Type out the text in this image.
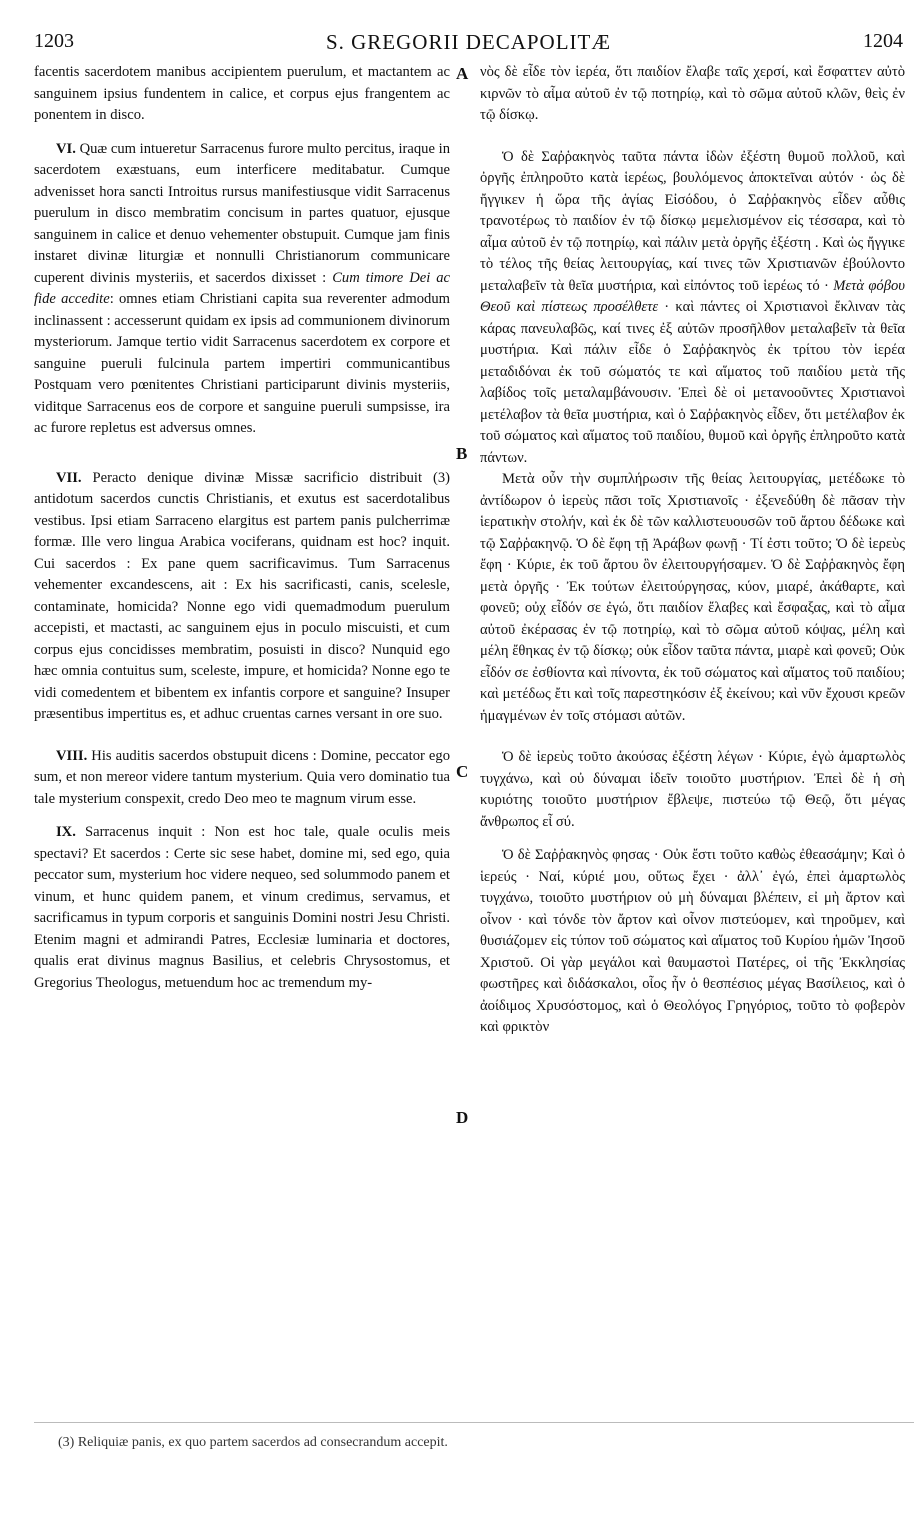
1203	S. GREGORII DECAPOLITÆ	1204

facentis sacerdotem manibus accipientem puerulum, et mactantem ac sanguinem ipsius fundentem in calice, et corpus ejus frangentem ac ponentem in disco.

VI. Quæ cum intueretur Sarracenus furore multo percitus, iraque in sacerdotem exæstuans, eum interficere meditabatur. Cumque advenisset hora sancti Introitus rursus manifestiusque vidit Sarracenus puerulum in disco membratim concisum in partes quatuor, ejusque sanguinem in calice et denuo vehementer obstupuit. Cumque jam finis instaret divinæ liturgiæ et nonnulli Christianorum communicare cuperent divinis mysteriis, et sacerdos dixisset : Cum timore Dei ac fide accedite: omnes etiam Christiani capita sua reverenter admodum inclinassent : accesserunt quidam ex ipsis ad communionem divinorum mysteriorum. Jamque tertio vidit Sarracenus sacerdotem ex corpore et sanguine pueruli fulcinula partem impertiri communicantibus Postquam vero pœnitentes Christiani participarunt divinis mysteriis, viditque Sarracenus eos de corpore et sanguine pueruli sumpsisse, ira ac furore repletus est adversus omnes.

VII. Peracto denique divinæ Missæ sacrificio distribuit (3) antidotum sacerdos cunctis Christianis, et exutus est sacerdotalibus vestibus. Ipsi etiam Sarraceno elargitus est partem panis pulcherrimæ formæ. Ille vero lingua Arabica vociferans, quidnam est hoc? inquit. Cui sacerdos : Ex pane quem sacrificavimus. Tum Sarracenus vehementer excandescens, ait : Ex his sacrificasti, canis, scelesle, contaminate, homicida? Nonne ego vidi quemadmodum puerulum accepisti, et mactasti, ac sanguinem ejus in poculo miscuisti, et cum corpus ejus concidisses membratim, posuisti in disco? Nunquid ego hæc omnia contuitus sum, sceleste, impure, et homicida? Nonne ego te vidi comedentem et bibentem ex infantis corpore et sanguine? Insuper præsentibus impertitus es, et adhuc cruentas carnes versant in ore suo.

VIII. His auditis sacerdos obstupuit dicens : Domine, peccator ego sum, et non mereor videre tantum mysterium. Quia vero dominatio tua tale mysterium conspexit, credo Deo meo te magnum virum esse.

IX. Sarracenus inquit : Non est hoc tale, quale oculis meis spectavi? Et sacerdos : Certe sic sese habet, domine mi, sed ego, quia peccator sum, mysterium hoc videre nequeo, sed solummodo panem et vinum, et hunc quidem panem, et vinum credimus, servamus, et sacrificamus in typum corporis et sanguinis Domini nostri Jesu Christi. Etenim magni et admirandi Patres, Ecclesiæ luminaria et doctores, qualis erat divinus magnus Basilius, et celebris Chrysostomus, et Gregorius Theologus, metuendum hoc ac tremendum my-

A
B
C
D

νὸς δὲ εἶδε τὸν ἱερέα, ὅτι παιδίον ἔλαβε ταῖς χερσί, καὶ ἔσφαττεν αὐτὸ κιρνῶν τὸ αἷμα αὐτοῦ ἐν τῷ ποτηρίῳ, καὶ τὸ σῶμα αὐτοῦ κλῶν, θεὶς ἐν τῷ δίσκῳ.

Ὁ δὲ Σαῤῥακηνὸς ταῦτα πάντα ἰδὼν ἐξέστη θυμοῦ πολλοῦ, καὶ ὀργῆς ἐπληροῦτο κατὰ ἱερέως, βουλόμενος ἀποκτεῖναι αὐτόν · ὡς δὲ ἤγγικεν ἡ ὥρα τῆς ἁγίας Εἰσόδου, ὁ Σαῤῥακηνὸς εἶδεν αὖθις τρανοτέρως τὸ παιδίον ἐν τῷ δίσκῳ μεμελισμένον εἰς τέσσαρα, καὶ τὸ αἷμα αὐτοῦ ἐν τῷ ποτηρίῳ, καὶ πάλιν μετὰ ὀργῆς ἐξέστη . Καὶ ὡς ἤγγικε τὸ τέλος τῆς θείας λειτουργίας, καί τινες τῶν Χριστιανῶν ἐβούλοντο μεταλαβεῖν τὰ θεῖα μυστήρια, καὶ εἰπόντος τοῦ ἱερέως τό · Μετὰ φόβου Θεοῦ καὶ πίστεως προσέλθετε · καὶ πάντες οἱ Χριστιανοὶ ἔκλιναν τὰς κάρας πανευλαβῶς, καί τινες ἐξ αὐτῶν προσῆλθον μεταλαβεῖν τὰ θεῖα μυστήρια. Καὶ πάλιν εἶδε ὁ Σαῤῥακηνὸς ἐκ τρίτου τὸν ἱερέα μεταδιδόναι ἐκ τοῦ σώματός τε καὶ αἵματος τοῦ παιδίου μετὰ τῆς λαβίδος τοῖς μεταλαμβάνουσιν. Ἐπεὶ δὲ οἱ μετανοοῦντες Χριστιανοὶ μετέλαβον τὰ θεῖα μυστήρια, καὶ ὁ Σαῤῥακηνὸς εἶδεν, ὅτι μετέλαβον ἐκ τοῦ σώματος καὶ αἵματος τοῦ παιδίου, θυμοῦ καὶ ὀργῆς ἐπληροῦτο κατὰ πάντων.

Μετὰ οὖν τὴν συμπλήρωσιν τῆς θείας λειτουργίας, μετέδωκε τὸ ἀντίδωρον ὁ ἱερεὺς πᾶσι τοῖς Χριστιανοῖς · ἐξενεδύθη δὲ πᾶσαν τὴν ἱερατικὴν στολήν, καὶ ἐκ δὲ τῶν καλλιστευουσῶν τοῦ ἄρτου δέδωκε καὶ τῷ Σαῤῥακηνῷ. Ὁ δὲ ἔφη τῇ Ἀράβων φωνῇ · Τί ἐστι τοῦτο; Ὁ δὲ ἱερεὺς ἔφη · Κύριε, ἐκ τοῦ ἄρτου ὃν ἐλειτουργήσαμεν. Ὁ δὲ Σαῤῥακηνὸς ἔφη μετὰ ὀργῆς · Ἐκ τούτων ἐλειτούργησας, κύον, μιαρέ, ἀκάθαρτε, καὶ φονεῦ; οὐχ εἶδόν σε ἐγώ, ὅτι παιδίον ἔλαβες καὶ ἔσφαξας, καὶ τὸ αἷμα αὐτοῦ ἐκέρασας ἐν τῷ ποτηρίῳ, καὶ τὸ σῶμα αὐτοῦ κόψας, μέλη καὶ μέλη ἔθηκας ἐν τῷ δίσκῳ; οὐκ εἶδον ταῦτα πάντα, μιαρὲ καὶ φονεῦ; Οὐκ εἶδόν σε ἐσθίοντα καὶ πίνοντα, ἐκ τοῦ σώματος καὶ αἵματος τοῦ παιδίου; καὶ μετέδως ἔτι καὶ τοῖς παρεστηκόσιν ἐξ ἐκείνου; καὶ νῦν ἔχουσι κρεῶν ἡμαγμένων ἐν τοῖς στόμασι αὐτῶν.

Ὁ δὲ ἱερεὺς τοῦτο ἀκούσας ἐξέστη λέγων · Κύριε, ἐγὼ ἁμαρτωλὸς τυγχάνω, καὶ οὐ δύναμαι ἰδεῖν τοιοῦτο μυστήριον. Ἐπεὶ δὲ ἡ σὴ κυριότης τοιοῦτο μυστήριον ἔβλεψε, πιστεύω τῷ Θεῷ, ὅτι μέγας ἄνθρωπος εἶ σύ.

Ὁ δὲ Σαῤῥακηνὸς φησας · Οὐκ ἔστι τοῦτο καθὼς ἐθεασάμην; Καὶ ὁ ἱερεύς · Ναί, κύριέ μου, οὕτως ἔχει · ἀλλ᾽ ἐγώ, ἐπεὶ ἁμαρτωλὸς τυγχάνω, τοιοῦτο μυστήριον οὐ μὴ δύναμαι βλέπειν, εἰ μὴ ἄρτον καὶ οἶνον · καὶ τόνδε τὸν ἄρτον καὶ οἶνον πιστεύομεν, καὶ τηροῦμεν, καὶ θυσιάζομεν εἰς τύπον τοῦ σώματος καὶ αἵματος τοῦ Κυρίου ἡμῶν Ἰησοῦ Χριστοῦ. Οἱ γὰρ μεγάλοι καὶ θαυμαστοὶ Πατέρες, οἱ τῆς Ἐκκλησίας φωστῆρες καὶ διδάσκαλοι, οἷος ἦν ὁ θεσπέσιος μέγας Βασίλειος, καὶ ὁ ἀοίδιμος Χρυσόστομος, καὶ ὁ Θεολόγος Γρηγόριος, τοῦτο τὸ φοβερὸν καὶ φρικτὸν

(3) Reliquiæ panis, ex quo partem sacerdos ad consecrandum accepit.
